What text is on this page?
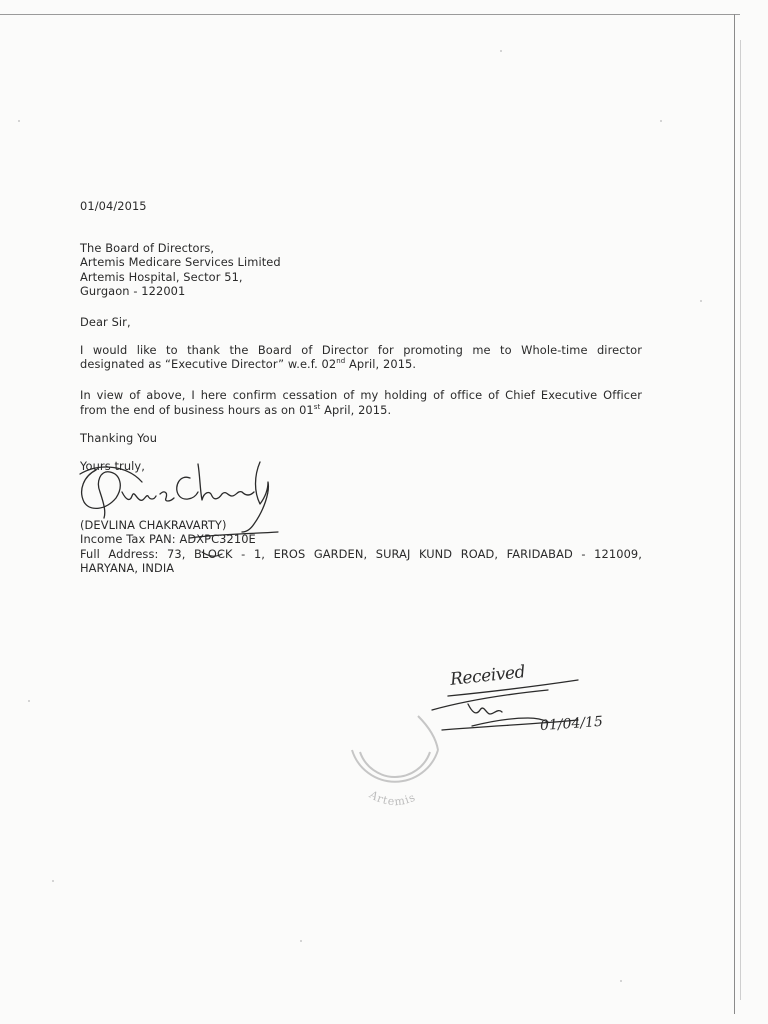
01/04/2015
The Board of Directors,
Artemis Medicare Services Limited
Artemis Hospital, Sector 51,
Gurgaon - 122001
Dear Sir,
I would like to thank the Board of Director for promoting me to Whole-time director
designated as “Executive Director” w.e.f. 02nd April, 2015.
In view of above, I here confirm cessation of my holding of office of Chief Executive Officer
from the end of business hours as on 01st April, 2015.
Thanking You
Yours truly,
(DEVLINA CHAKRAVARTY)
Income Tax PAN: ADXPC3210E
Full Address: 73, BLOCK - 1, EROS GARDEN, SURAJ KUND ROAD, FARIDABAD - 121009,
HARYANA, INDIA
Received
01/04/15
Artemis
